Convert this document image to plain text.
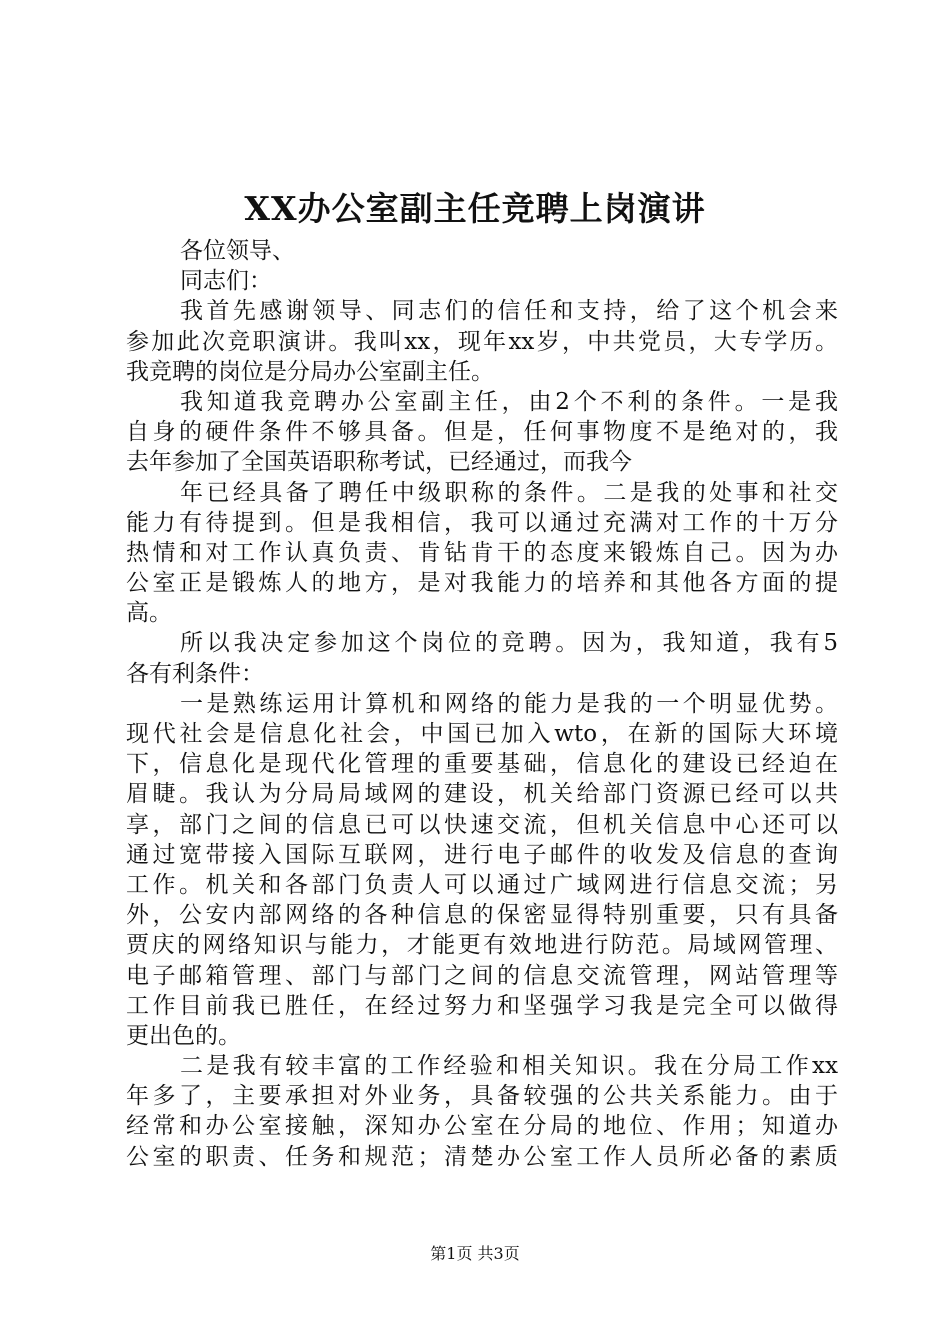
XX办公室副主任竞聘上岗演讲
各位领导、
同志们：
我首先感谢领导、同志们的信任和支持，给了这个机会来
参加此次竞职演讲。我叫xx，现年xx岁，中共党员，大专学历。
我竞聘的岗位是分局办公室副主任。
我知道我竞聘办公室副主任，由2个不利的条件。一是我
自身的硬件条件不够具备。但是，任何事物度不是绝对的，我
去年参加了全国英语职称考试，已经通过，而我今
年已经具备了聘任中级职称的条件。二是我的处事和社交
能力有待提到。但是我相信，我可以通过充满对工作的十万分
热情和对工作认真负责、肯钻肯干的态度来锻炼自己。因为办
公室正是锻炼人的地方，是对我能力的培养和其他各方面的提
高。
所以我决定参加这个岗位的竞聘。因为，我知道，我有5
各有利条件：
一是熟练运用计算机和网络的能力是我的一个明显优势。
现代社会是信息化社会，中国已加入wto，在新的国际大环境
下，信息化是现代化管理的重要基础，信息化的建设已经迫在
眉睫。我认为分局局域网的建设，机关给部门资源已经可以共
享，部门之间的信息已可以快速交流，但机关信息中心还可以
通过宽带接入国际互联网，进行电子邮件的收发及信息的查询
工作。机关和各部门负责人可以通过广域网进行信息交流；另
外，公安内部网络的各种信息的保密显得特别重要，只有具备
贾庆的网络知识与能力，才能更有效地进行防范。局域网管理、
电子邮箱管理、部门与部门之间的信息交流管理，网站管理等
工作目前我已胜任，在经过努力和坚强学习我是完全可以做得
更出色的。
二是我有较丰富的工作经验和相关知识。我在分局工作xx
年多了，主要承担对外业务，具备较强的公共关系能力。由于
经常和办公室接触，深知办公室在分局的地位、作用；知道办
公室的职责、任务和规范；清楚办公室工作人员所必备的素质
第1页 共3页
